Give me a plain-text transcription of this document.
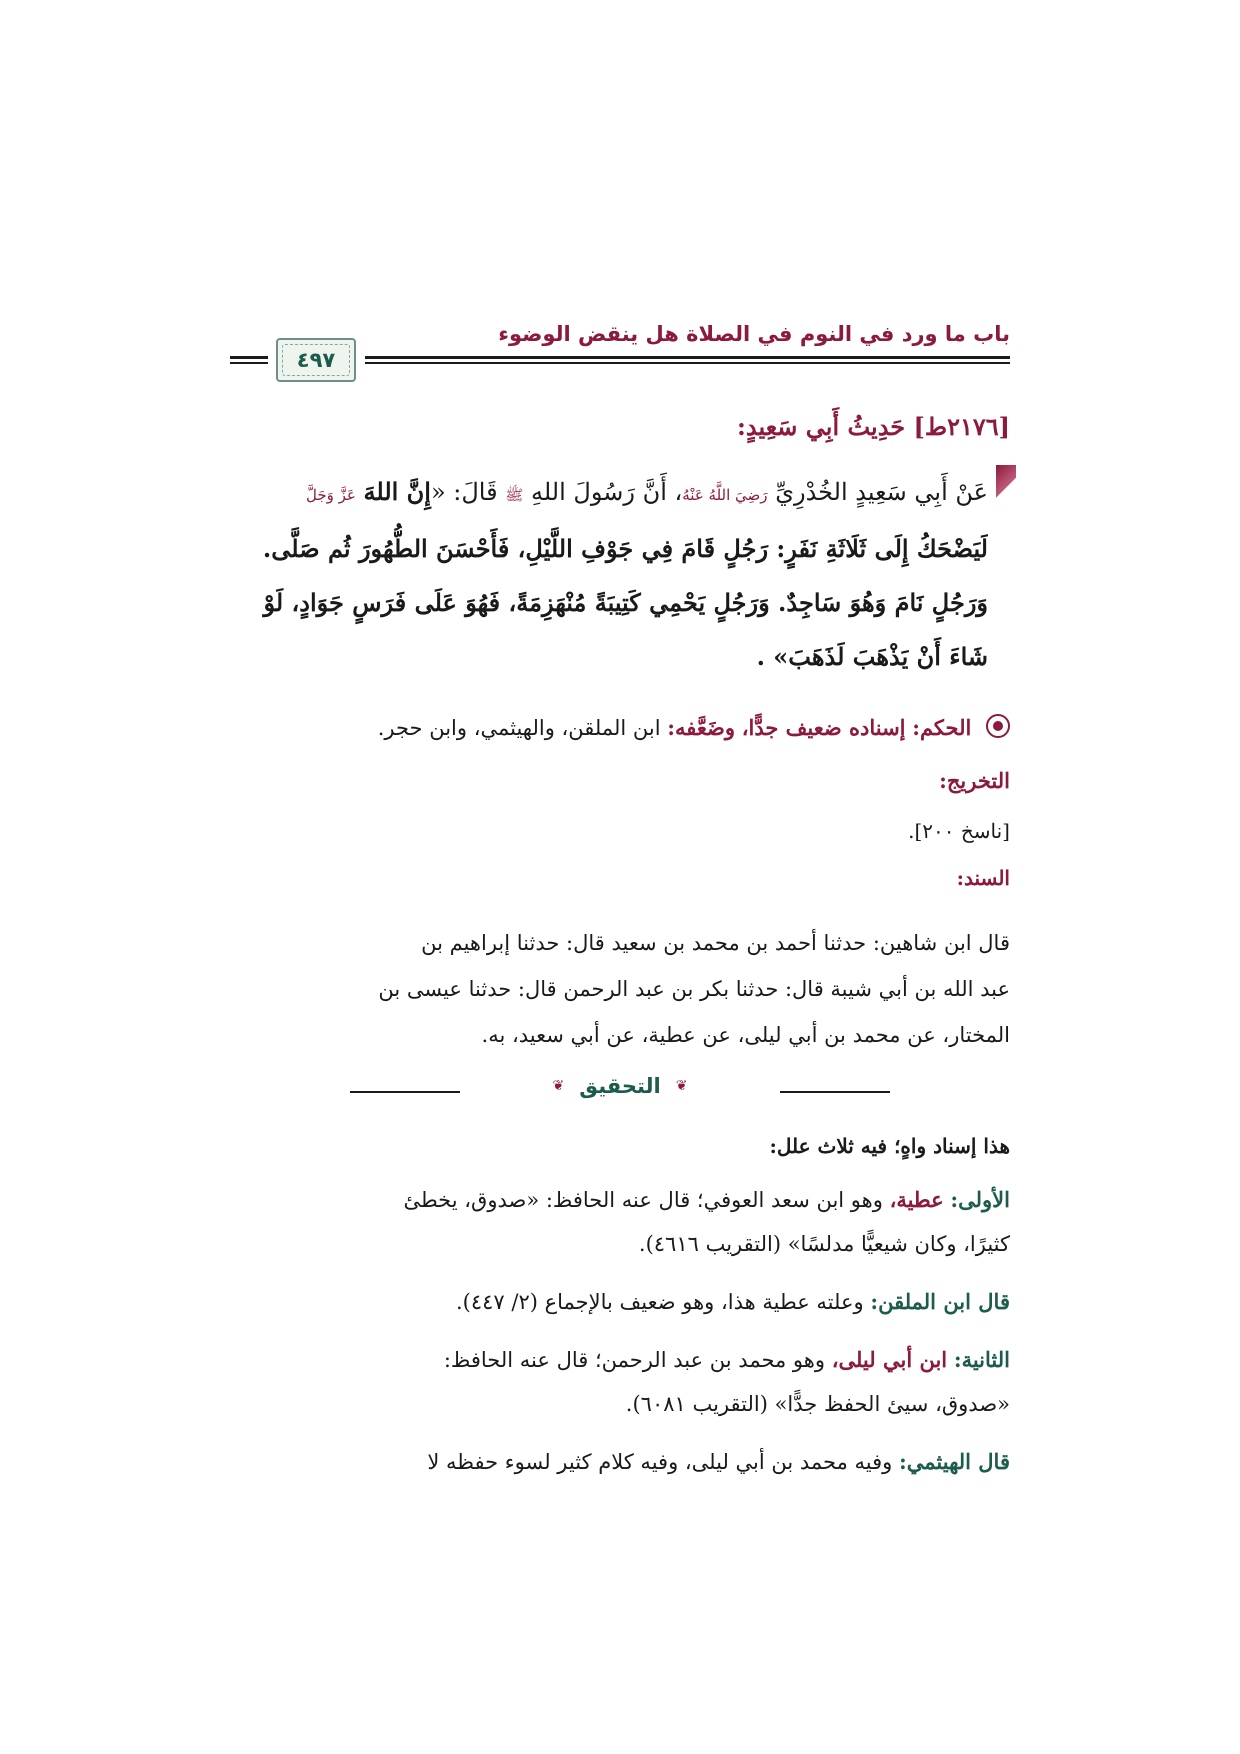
باب ما ورد في النوم في الصلاة هل ينقض الوضوء
٤٩٧
[٢١٧٦ط] حَدِيثُ أَبِي سَعِيدٍ:
عَنْ أَبِي سَعِيدٍ الخُدْرِيِّ رَضِيَ اللَّهُ عَنْهُ، أَنَّ رَسُولَ اللهِ ﷺ قَالَ: «إِنَّ اللهَ عَزَّ وَجَلَّ
لَيَضْحَكُ إِلَى ثَلَاثَةِ نَفَرٍ: رَجُلٍ قَامَ فِي جَوْفِ اللَّيْلِ، فَأَحْسَنَ الطُّهُورَ ثُم صَلَّى.
وَرَجُلٍ نَامَ وَهُوَ سَاجِدٌ. وَرَجُلٍ يَحْمِي كَتِيبَةً مُنْهَزِمَةً، فَهُوَ عَلَى فَرَسٍ جَوَادٍ، لَوْ
شَاءَ أَنْ يَذْهَبَ لَذَهَبَ» .
الحكم: إسناده ضعيف جدًّا، وضَعَّفه: ابن الملقن، والهيثمي، وابن حجر.
التخريج:
[ناسخ ٢٠٠].
السند:
قال ابن شاهين: حدثنا أحمد بن محمد بن سعيد قال: حدثنا إبراهيم بن
عبد الله بن أبي شيبة قال: حدثنا بكر بن عبد الرحمن قال: حدثنا عيسى بن
المختار، عن محمد بن أبي ليلى، عن عطية، عن أبي سعيد، به.
❦ التحقيق ❦
هذا إسناد واهٍ؛ فيه ثلاث علل:
الأولى: عطية، وهو ابن سعد العوفي؛ قال عنه الحافظ: «صدوق، يخطئ
كثيرًا، وكان شيعيًّا مدلسًا» (التقريب ٤٦١٦).
قال ابن الملقن: وعلته عطية هذا، وهو ضعيف بالإجماع (٢/ ٤٤٧).
الثانية: ابن أبي ليلى، وهو محمد بن عبد الرحمن؛ قال عنه الحافظ:
«صدوق، سيئ الحفظ جدًّا» (التقريب ٦٠٨١).
قال الهيثمي: وفيه محمد بن أبي ليلى، وفيه كلام كثير لسوء حفظه لا
